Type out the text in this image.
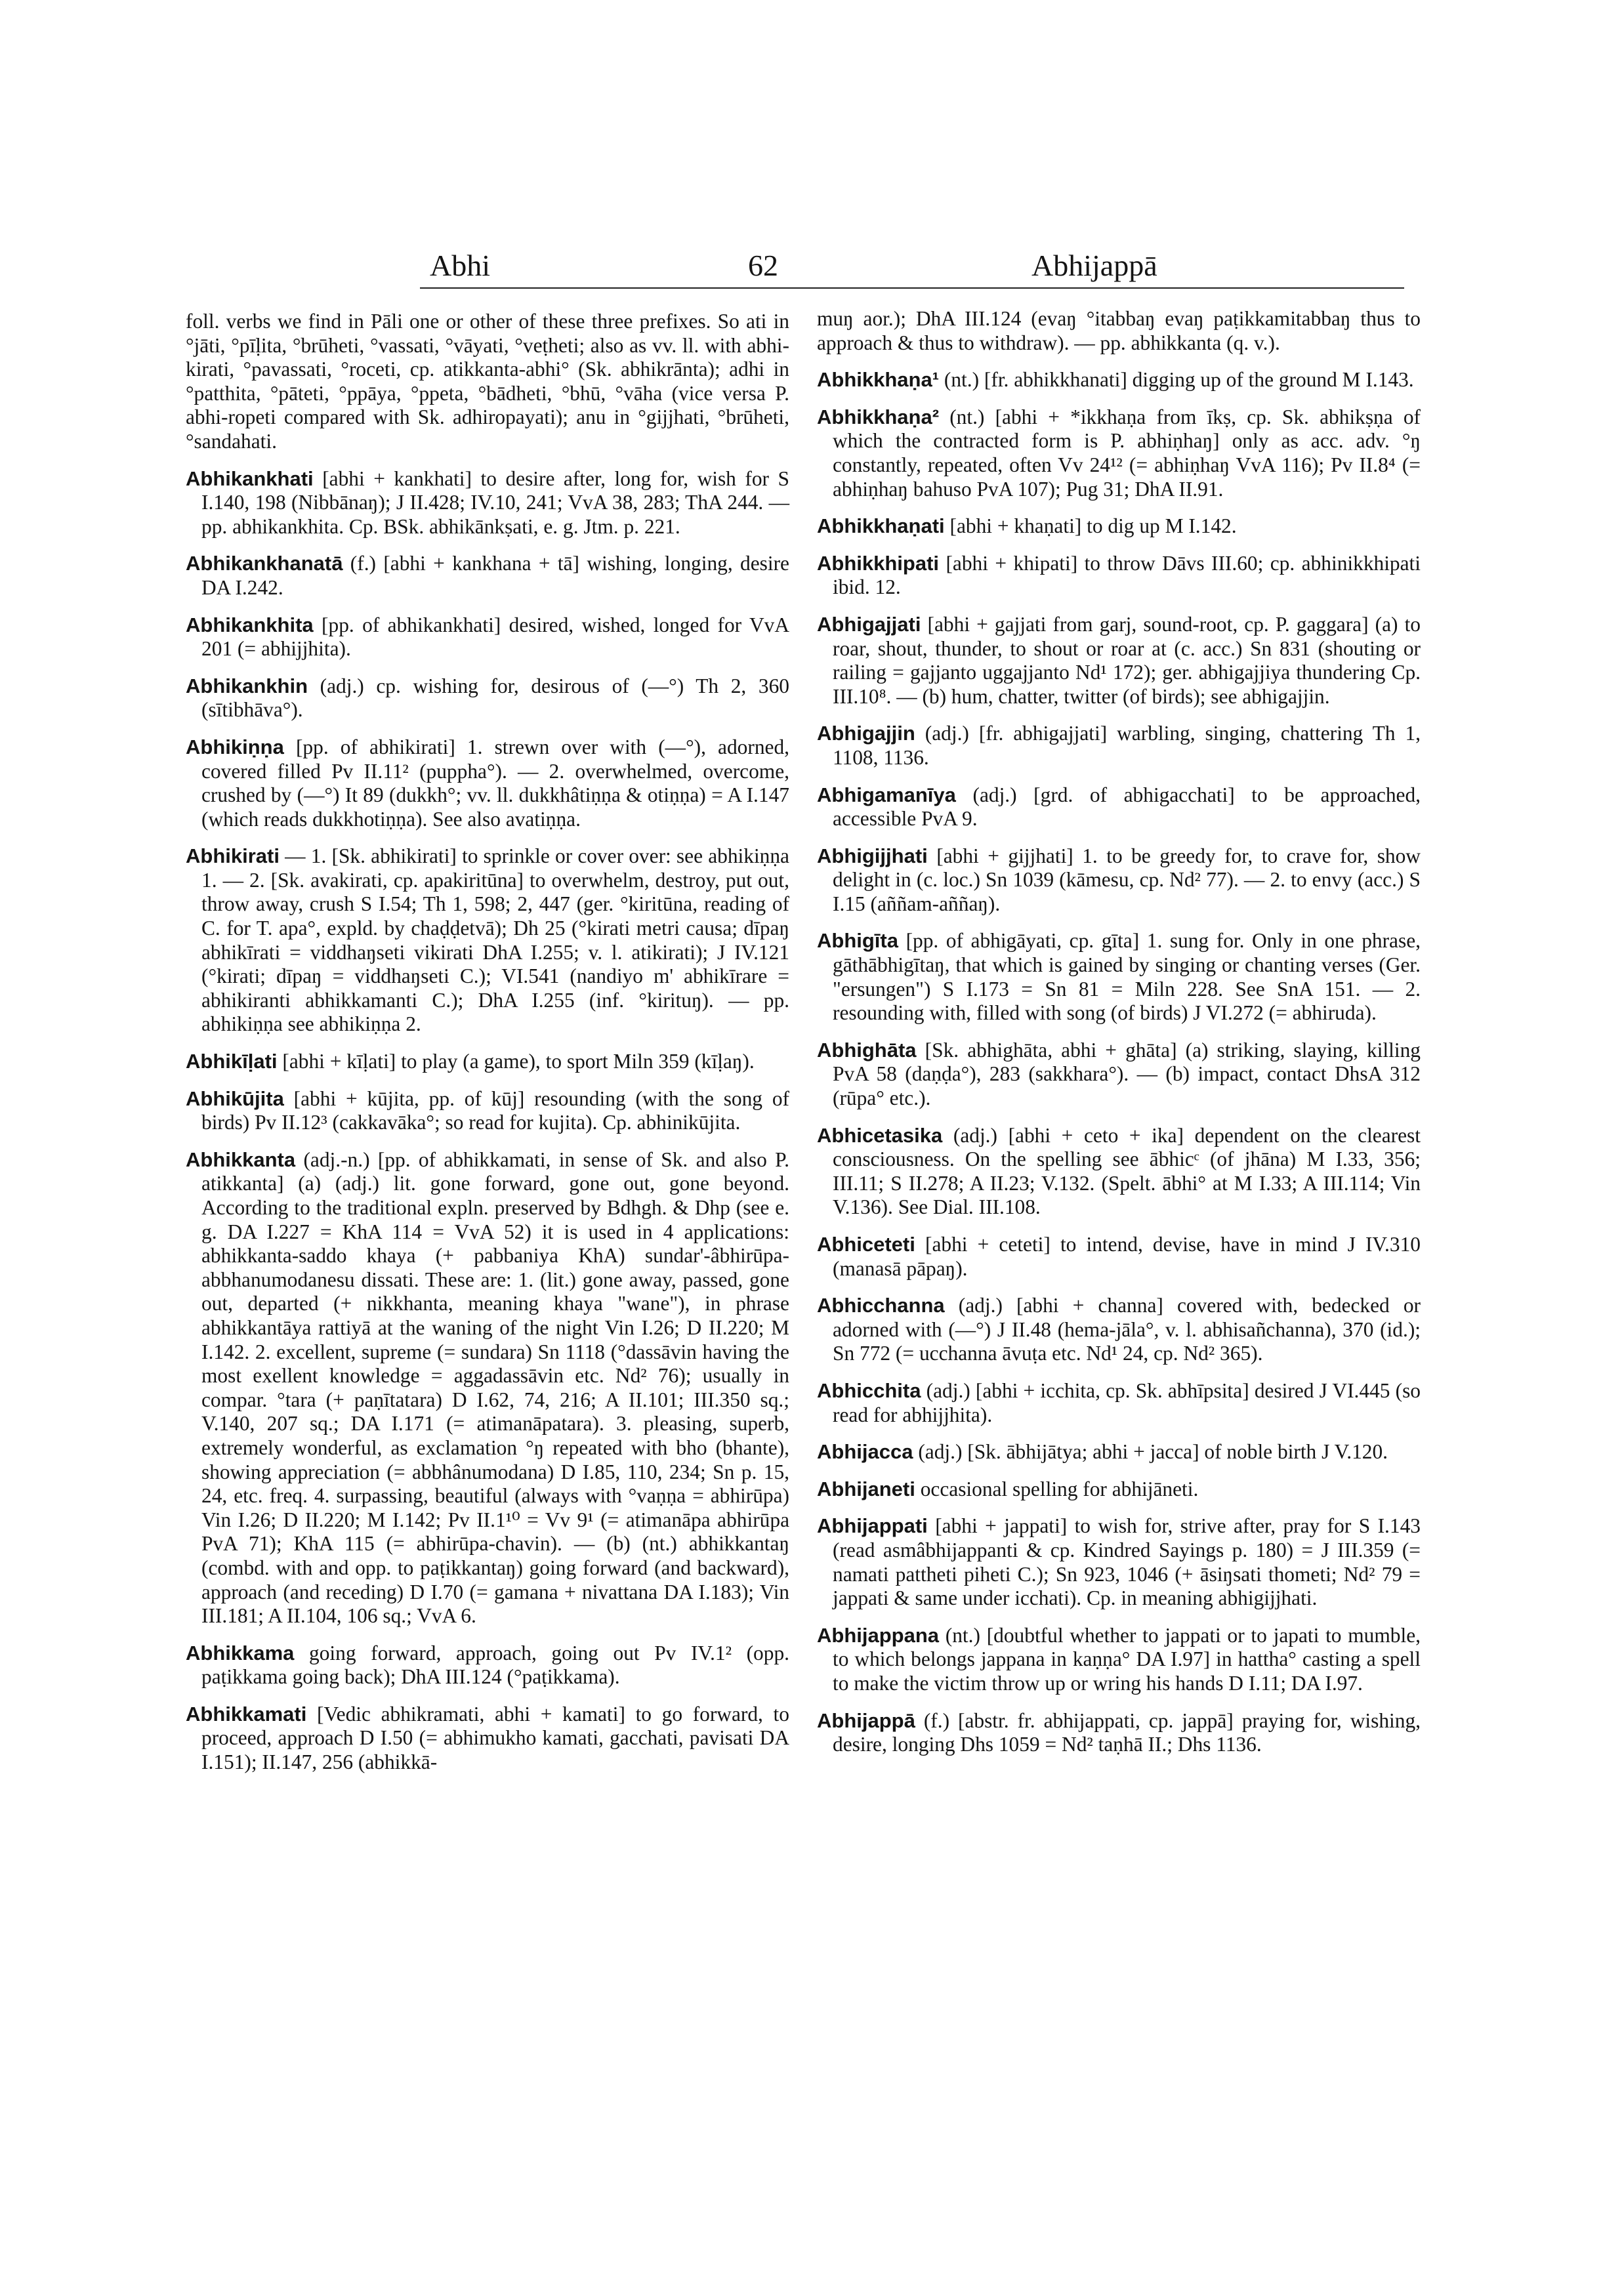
Abhi	62	Abhijappā

foll. verbs we find in Pāli one or other of these three prefixes. So ati in °jāti, °pīḷita, °brūheti, °vassati, °vāyati, °veṭheti; also as vv. ll. with abhi-kirati, °pavassati, °roceti, cp. atikkanta-abhi° (Sk. abhikrānta); adhi in °patthita, °pāteti, °ppāya, °ppeta, °bādheti, °bhū, °vāha (vice versa P. abhi-ropeti compared with Sk. adhiropayati); anu in °gijjhati, °brūheti, °sandahati.

Abhikankhati [abhi + kankhati] to desire after, long for, wish for S I.140, 198 (Nibbānaŋ); J II.428; IV.10, 241; VvA 38, 283; ThA 244. — pp. abhikankhita. Cp. BSk. abhikānkṣati, e. g. Jtm. p. 221.

Abhikankhanatā (f.) [abhi + kankhana + tā] wishing, longing, desire DA I.242.

Abhikankhita [pp. of abhikankhati] desired, wished, longed for VvA 201 (= abhijjhita).

Abhikankhin (adj.) cp. wishing for, desirous of (—°) Th 2, 360 (sītibhāva°).

Abhikiṇṇa [pp. of abhikirati] 1. strewn over with (—°), adorned, covered filled Pv II.11² (puppha°). — 2. overwhelmed, overcome, crushed by (—°) It 89 (dukkh°; vv. ll. dukkhâtiṇṇa & otiṇṇa) = A I.147 (which reads dukkhotiṇṇa). See also avatiṇṇa.

Abhikirati — 1. [Sk. abhikirati] to sprinkle or cover over: see abhikiṇṇa 1. — 2. [Sk. avakirati, cp. apakiritūna] to overwhelm, destroy, put out, throw away, crush S I.54; Th 1, 598; 2, 447 (ger. °kiritūna, reading of C. for T. apa°, expld. by chaḍḍetvā); Dh 25 (°kirati metri causa; dīpaŋ abhikīrati = viddhaŋseti vikirati DhA I.255; v. l. atikirati); J IV.121 (°kirati; dīpaŋ = viddhaŋseti C.); VI.541 (nandiyo m' abhikīrare = abhikiranti abhikkamanti C.); DhA I.255 (inf. °kirituŋ). — pp. abhikiṇṇa see abhikiṇṇa 2.

Abhikīḷati [abhi + kīḷati] to play (a game), to sport Miln 359 (kīḷaŋ).

Abhikūjita [abhi + kūjita, pp. of kūj] resounding (with the song of birds) Pv II.12³ (cakkavāka°; so read for kujita). Cp. abhinikūjita.

Abhikkanta (adj.-n.) [pp. of abhikkamati, in sense of Sk. and also P. atikkanta] (a) (adj.) lit. gone forward, gone out, gone beyond. According to the traditional expln. preserved by Bdhgh. & Dhp (see e. g. DA I.227 = KhA 114 = VvA 52) it is used in 4 applications: abhikkanta-saddo khaya (+ pabbaniya KhA) sundar'-âbhirūpa-abbhanumodanesu dissati. These are: 1. (lit.) gone away, passed, gone out, departed (+ nikkhanta, meaning khaya "wane"), in phrase abhikkantāya rattiyā at the waning of the night Vin I.26; D II.220; M I.142. 2. excellent, supreme (= sundara) Sn 1118 (°dassāvin having the most exellent knowledge = aggadassāvin etc. Nd² 76); usually in compar. °tara (+ paṇītatara) D I.62, 74, 216; A II.101; III.350 sq.; V.140, 207 sq.; DA I.171 (= atimanāpatara). 3. pleasing, superb, extremely wonderful, as exclamation °ŋ repeated with bho (bhante), showing appreciation (= abbhânumodana) D I.85, 110, 234; Sn p. 15, 24, etc. freq. 4. surpassing, beautiful (always with °vaṇṇa = abhirūpa) Vin I.26; D II.220; M I.142; Pv II.1¹⁰ = Vv 9¹ (= atimanāpa abhirūpa PvA 71); KhA 115 (= abhirūpa-chavin). — (b) (nt.) abhikkantaŋ (combd. with and opp. to paṭikkantaŋ) going forward (and backward), approach (and receding) D I.70 (= gamana + nivattana DA I.183); Vin III.181; A II.104, 106 sq.; VvA 6.

Abhikkama going forward, approach, going out Pv IV.1² (opp. paṭikkama going back); DhA III.124 (°paṭikkama).

Abhikkamati [Vedic abhikramati, abhi + kamati] to go forward, to proceed, approach D I.50 (= abhimukho kamati, gacchati, pavisati DA I.151); II.147, 256 (abhikkā-

muŋ aor.); DhA III.124 (evaŋ °itabbaŋ evaŋ paṭikkamitabbaŋ thus to approach & thus to withdraw). — pp. abhikkanta (q. v.).

Abhikkhaṇa¹ (nt.) [fr. abhikkhanati] digging up of the ground M I.143.

Abhikkhaṇa² (nt.) [abhi + *ikkhaṇa from īkṣ, cp. Sk. abhikṣṇa of which the contracted form is P. abhiṇhaŋ] only as acc. adv. °ŋ constantly, repeated, often Vv 24¹² (= abhiṇhaŋ VvA 116); Pv II.8⁴ (= abhiṇhaŋ bahuso PvA 107); Pug 31; DhA II.91.

Abhikkhaṇati [abhi + khaṇati] to dig up M I.142.

Abhikkhipati [abhi + khipati] to throw Dāvs III.60; cp. abhinikkhipati ibid. 12.

Abhigajjati [abhi + gajjati from garj, sound-root, cp. P. gaggara] (a) to roar, shout, thunder, to shout or roar at (c. acc.) Sn 831 (shouting or railing = gajjanto uggajjanto Nd¹ 172); ger. abhigajjiya thundering Cp. III.10⁸. — (b) hum, chatter, twitter (of birds); see abhigajjin.

Abhigajjin (adj.) [fr. abhigajjati] warbling, singing, chattering Th 1, 1108, 1136.

Abhigamanīya (adj.) [grd. of abhigacchati] to be approached, accessible PvA 9.

Abhigijjhati [abhi + gijjhati] 1. to be greedy for, to crave for, show delight in (c. loc.) Sn 1039 (kāmesu, cp. Nd² 77). — 2. to envy (acc.) S I.15 (aññam-aññaŋ).

Abhigīta [pp. of abhigāyati, cp. gīta] 1. sung for. Only in one phrase, gāthābhigītaŋ, that which is gained by singing or chanting verses (Ger. "ersungen") S I.173 = Sn 81 = Miln 228. See SnA 151. — 2. resounding with, filled with song (of birds) J VI.272 (= abhiruda).

Abhighāta [Sk. abhighāta, abhi + ghāta] (a) striking, slaying, killing PvA 58 (daṇḍa°), 283 (sakkhara°). — (b) impact, contact DhsA 312 (rūpa° etc.).

Abhicetasika (adj.) [abhi + ceto + ika] dependent on the clearest consciousness. On the spelling see ābhicᶜ (of jhāna) M I.33, 356; III.11; S II.278; A II.23; V.132. (Spelt. ābhi° at M I.33; A III.114; Vin V.136). See Dial. III.108.

Abhiceteti [abhi + ceteti] to intend, devise, have in mind J IV.310 (manasā pāpaŋ).

Abhicchanna (adj.) [abhi + channa] covered with, bedecked or adorned with (—°) J II.48 (hema-jāla°, v. l. abhisañchanna), 370 (id.); Sn 772 (= ucchanna āvuṭa etc. Nd¹ 24, cp. Nd² 365).

Abhicchita (adj.) [abhi + icchita, cp. Sk. abhīpsita] desired J VI.445 (so read for abhijjhita).

Abhijacca (adj.) [Sk. ābhijātya; abhi + jacca] of noble birth J V.120.

Abhijaneti occasional spelling for abhijāneti.

Abhijappati [abhi + jappati] to wish for, strive after, pray for S I.143 (read asmâbhijappanti & cp. Kindred Sayings p. 180) = J III.359 (= namati pattheti piheti C.); Sn 923, 1046 (+ āsiŋsati thometi; Nd² 79 = jappati & same under icchati). Cp. in meaning abhigijjhati.

Abhijappana (nt.) [doubtful whether to jappati or to japati to mumble, to which belongs jappana in kaṇṇa° DA I.97] in hattha° casting a spell to make the victim throw up or wring his hands D I.11; DA I.97.

Abhijappā (f.) [abstr. fr. abhijappati, cp. jappā] praying for, wishing, desire, longing Dhs 1059 = Nd² taṇhā II.; Dhs 1136.
